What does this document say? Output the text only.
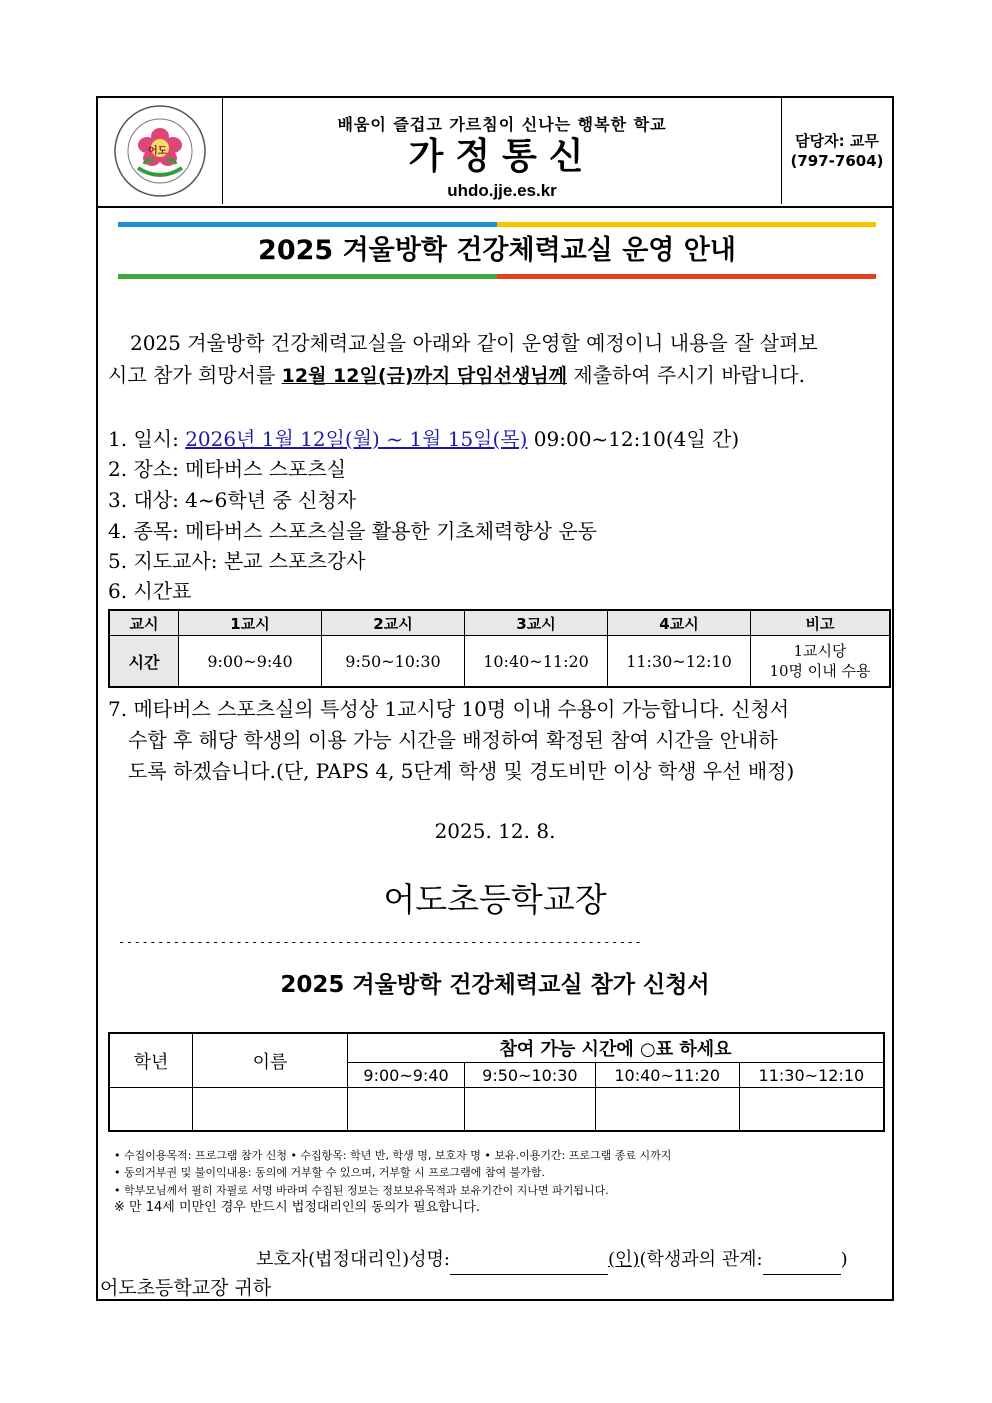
어도
배움이 즐겁고 가르침이 신나는 행복한 학교
가정통신
uhdo.jje.es.kr
담당자: 교무
(797-7604)
2025 겨울방학 건강체력교실 운영 안내
2025 겨울방학 건강체력교실을 아래와 같이 운영할 예정이니 내용을 잘 살펴보
시고 참가 희망서를 12월 12일(금)까지 담임선생님께 제출하여 주시기 바랍니다.
1. 일시: 2026년 1월 12일(월) ~ 1월 15일(목) 09:00~12:10(4일 간)
2. 장소: 메타버스 스포츠실
3. 대상: 4~6학년 중 신청자
4. 종목: 메타버스 스포츠실을 활용한 기초체력향상 운동
5. 지도교사: 본교 스포츠강사
6. 시간표
교시	1교시	2교시	3교시	4교시	비고
시간	9:00~9:40	9:50~10:30	10:40~11:20	11:30~12:10	1교시당
10명 이내 수용
7. 메타버스 스포츠실의 특성상 1교시당 10명 이내 수용이 가능합니다. 신청서
수합 후 해당 학생의 이용 가능 시간을 배정하여 확정된 참여 시간을 안내하
도록 하겠습니다.(단, PAPS 4, 5단계 학생 및 경도비만 이상 학생 우선 배정)
2025. 12. 8.
어도초등학교장
-------------------------------------------------------------------
2025 겨울방학 건강체력교실 참가 신청서
학년	이름	참여 가능 시간에 ○표 하세요			
		9:00~9:40	9:50~10:30	10:40~11:20	11:30~12:10

• 수집이용목적: 프로그램 참가 신청 • 수집항목: 학년 반, 학생 명, 보호자 명 • 보유.이용기간: 프로그램 종료 시까지
• 동의거부권 및 불이익내용: 동의에 거부할 수 있으며, 거부할 시 프로그램에 참여 불가함.
• 학부모님께서 필히 자필로 서명 바라며 수집된 정보는 정보보유목적과 보유기간이 지나면 파기됩니다.
※ 만 14세 미만인 경우 반드시 법정대리인의 동의가 필요합니다.
보호자(법정대리인)성명:	(인)(학생과의 관계:	)
어도초등학교장 귀하
